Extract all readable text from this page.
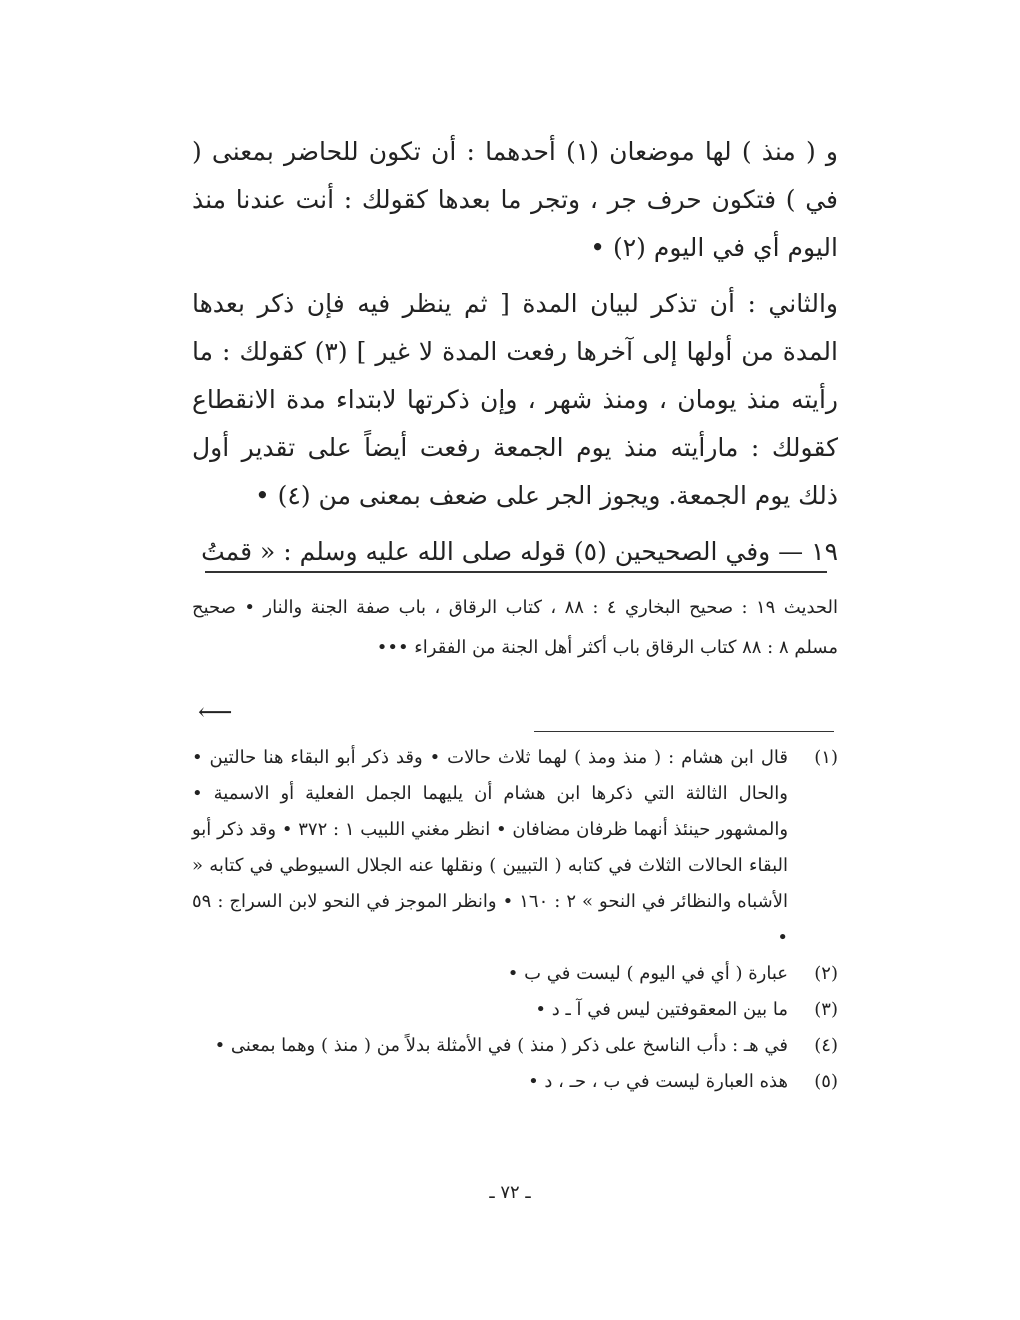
و ( منذ ) لها موضعان (١) أحدهما : أن تكون للحاضر بمعنى ( في ) فتكون حرف جر ، وتجر ما بعدها كقولك : أنت عندنا منذ اليوم أي في اليوم (٢) •

والثاني : أن تذكر لبيان المدة [ ثم ينظر فيه فإن ذكر بعدها المدة من أولها إلى آخرها رفعت المدة لا غير ] (٣) كقولك : ما رأيته منذ يومان ، ومنذ شهر ، وإن ذكرتها لابتداء مدة الانقطاع كقولك : مارأيته منذ يوم الجمعة رفعت أيضاً على تقدير أول ذلك يوم الجمعة. ويجوز الجر على ضعف بمعنى من (٤) •

١٩ — وفي الصحيحين (٥) قوله صلى الله عليه وسلم : « قمتُ

الحديث ١٩ : صحيح البخاري ٤ : ٨٨ ، كتاب الرقاق ، باب صفة الجنة والنار • صحيح مسلم ٨ : ٨٨ كتاب الرقاق باب أكثر أهل الجنة من الفقراء •••
⟵
(١)
قال ابن هشام : ( منذ ومذ ) لهما ثلاث حالات • وقد ذكر أبو البقاء هنا حالتين • والحال الثالثة التي ذكرها ابن هشام أن يليهما الجمل الفعلية أو الاسمية • والمشهور حينئذ أنهما ظرفان مضافان • انظر مغني اللبيب ١ : ٣٧٢ • وقد ذكر أبو البقاء الحالات الثلاث في كتابه ( التبيين ) ونقلها عنه الجلال السيوطي في كتابه « الأشباه والنظائر في النحو » ٢ : ١٦٠ • وانظر الموجز في النحو لابن السراج : ٥٩ •
(٢)
عبارة ( أي في اليوم ) ليست في ب •
(٣)
ما بين المعقوفتين ليس في آ ـ د •
(٤)
في هـ : دأب الناسخ على ذكر ( منذ ) في الأمثلة بدلاً من ( منذ ) وهما بمعنى •
(٥)
هذه العبارة ليست في ب ، حـ ، د •
ـ ٧٢ ـ
